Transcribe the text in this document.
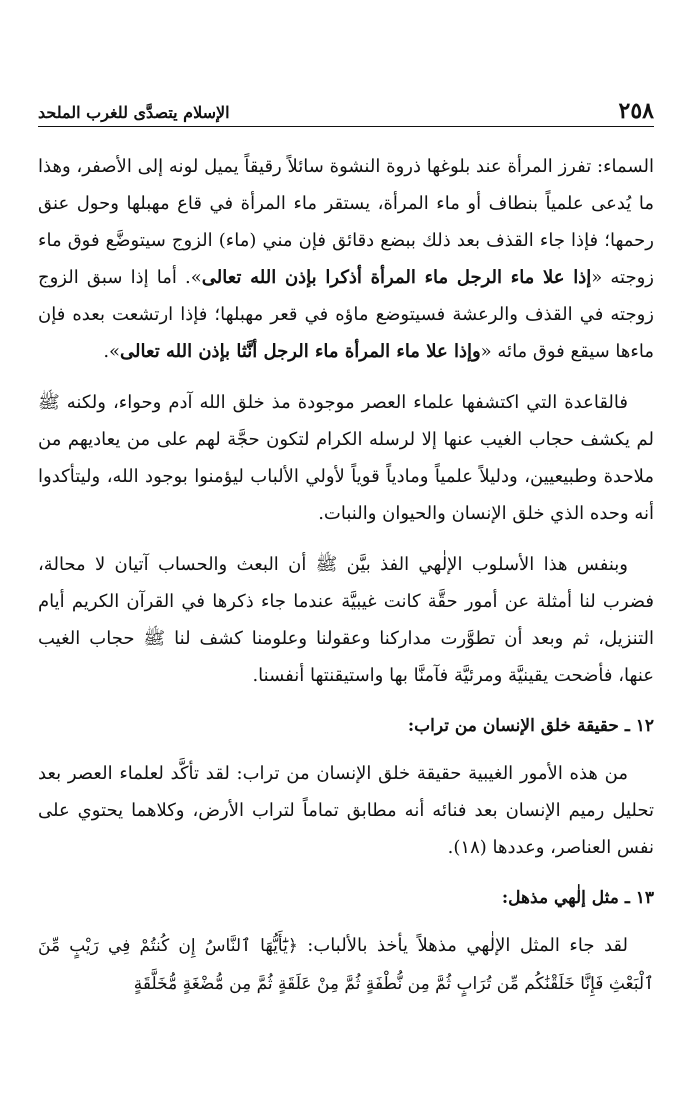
٢٥٨
الإسلام يتصدَّى للغرب الملحد

السماء: تفرز المرأة عند بلوغها ذروة النشوة سائلاً رقيقاً يميل لونه إلى الأصفر، وهذا ما يُدعى علمياً بنطاف أو ماء المرأة، يستقر ماء المرأة في قاع مهبلها وحول عنق رحمها؛ فإذا جاء القذف بعد ذلك ببضع دقائق فإن مني (ماء) الزوج سيتوضَّع فوق ماء زوجته «إذا علا ماء الرجل ماء المرأة أذكرا بإذن الله تعالى». أما إذا سبق الزوج زوجته في القذف والرعشة فسيتوضع ماؤه في قعر مهبلها؛ فإذا ارتشعت بعده فإن ماءها سيقع فوق مائه «وإذا علا ماء المرأة ماء الرجل أنَّثا بإذن الله تعالى».

فالقاعدة التي اكتشفها علماء العصر موجودة مذ خلق الله آدم وحواء، ولكنه ﷺ لم يكشف حجاب الغيب عنها إلا لرسله الكرام لتكون حجَّة لهم على من يعاديهم من ملاحدة وطبيعيين، ودليلاً علمياً ومادياً قوياً لأولي الألباب ليؤمنوا بوجود الله، وليتأكدوا أنه وحده الذي خلق الإنسان والحيوان والنبات.

وبنفس هذا الأسلوب الإلٰهي الفذ بيَّن ﷺ أن البعث والحساب آتيان لا محالة، فضرب لنا أمثلة عن أمور حقَّة كانت غيبيَّة عندما جاء ذكرها في القرآن الكريم أيام التنزيل، ثم وبعد أن تطوَّرت مداركنا وعقولنا وعلومنا كشف لنا ﷺ حجاب الغيب عنها، فأضحت يقينيَّة ومرئيَّة فآمنَّا بها واستيقنتها أنفسنا.

١٢ ـ حقيقة خلق الإنسان من تراب:

من هذه الأمور الغيبية حقيقة خلق الإنسان من تراب: لقد تأكَّد لعلماء العصر بعد تحليل رميم الإنسان بعد فنائه أنه مطابق تماماً لتراب الأرض، وكلاهما يحتوي على نفس العناصر، وعددها (١٨).

١٣ ـ مثل إلٰهي مذهل:

لقد جاء المثل الإلٰهي مذهلاً يأخذ بالألباب: ﴿يَٰٓأَيُّهَا ٱلنَّاسُ إِن كُنتُمْ فِي رَيْبٍ مِّنَ ٱلْبَعْثِ فَإِنَّا خَلَقْنَٰكُم مِّن تُرَابٍ ثُمَّ مِن نُّطْفَةٍ ثُمَّ مِنْ عَلَقَةٍ ثُمَّ مِن مُّضْغَةٍ مُّخَلَّقَةٍ
